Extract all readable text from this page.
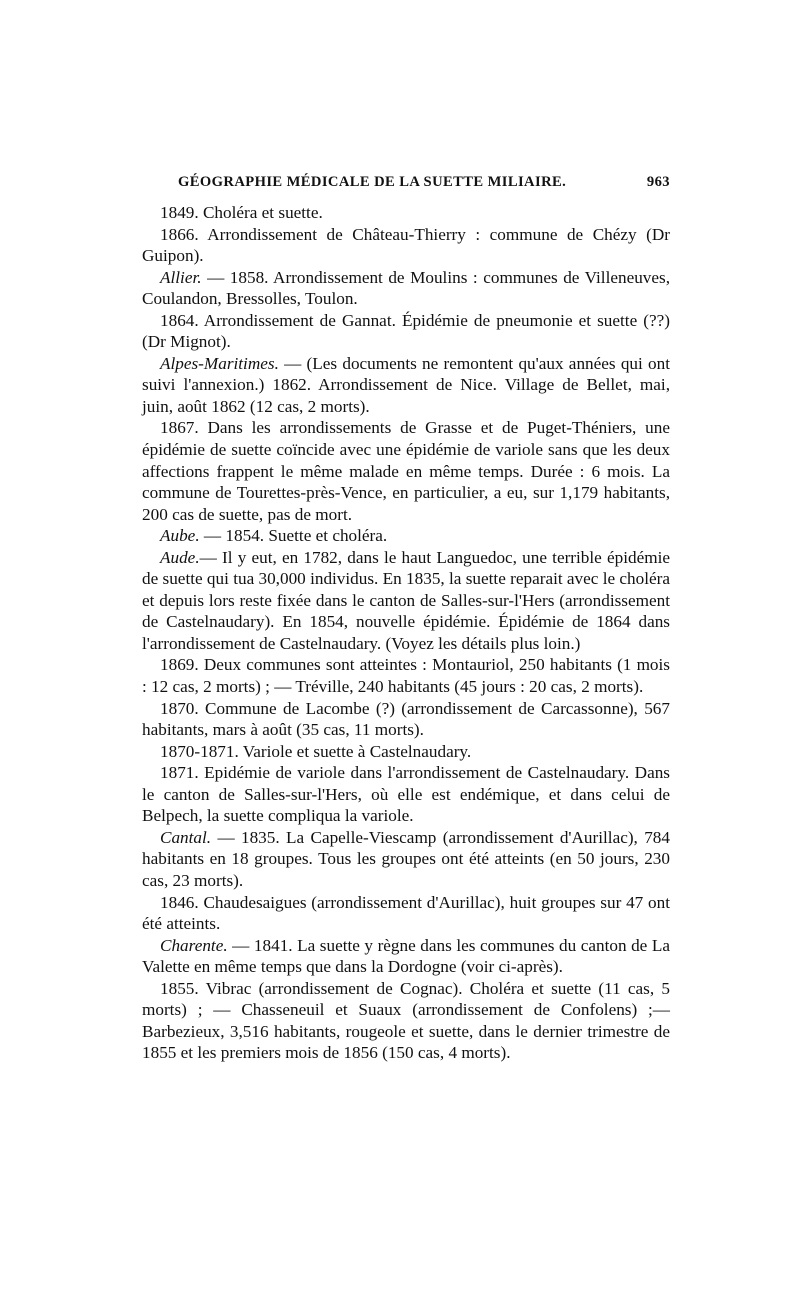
GÉOGRAPHIE MÉDICALE DE LA SUETTE MILIAIRE.	963

1849. Choléra et suette.

1866. Arrondissement de Château-Thierry : commune de Chézy (Dr Guipon).

Allier. — 1858. Arrondissement de Moulins : communes de Villeneuves, Coulandon, Bressolles, Toulon.

1864. Arrondissement de Gannat. Épidémie de pneumonie et suette (??) (Dr Mignot).

Alpes-Maritimes. — (Les documents ne remontent qu'aux années qui ont suivi l'annexion.) 1862. Arrondissement de Nice. Village de Bellet, mai, juin, août 1862 (12 cas, 2 morts).

1867. Dans les arrondissements de Grasse et de Puget-Théniers, une épidémie de suette coïncide avec une épidémie de variole sans que les deux affections frappent le même malade en même temps. Durée : 6 mois. La commune de Tourettes-près-Vence, en particulier, a eu, sur 1,179 habitants, 200 cas de suette, pas de mort.

Aube. — 1854. Suette et choléra.

Aude.— Il y eut, en 1782, dans le haut Languedoc, une terrible épidémie de suette qui tua 30,000 individus. En 1835, la suette reparait avec le choléra et depuis lors reste fixée dans le canton de Salles-sur-l'Hers (arrondissement de Castelnaudary). En 1854, nouvelle épidémie. Épidémie de 1864 dans l'arrondissement de Castelnaudary. (Voyez les détails plus loin.)

1869. Deux communes sont atteintes : Montauriol, 250 habitants (1 mois : 12 cas, 2 morts) ; — Tréville, 240 habitants (45 jours : 20 cas, 2 morts).

1870. Commune de Lacombe (?) (arrondissement de Carcassonne), 567 habitants, mars à août (35 cas, 11 morts).

1870-1871. Variole et suette à Castelnaudary.

1871. Epidémie de variole dans l'arrondissement de Castelnaudary. Dans le canton de Salles-sur-l'Hers, où elle est endémique, et dans celui de Belpech, la suette compliqua la variole.

Cantal. — 1835. La Capelle-Viescamp (arrondissement d'Aurillac), 784 habitants en 18 groupes. Tous les groupes ont été atteints (en 50 jours, 230 cas, 23 morts).

1846. Chaudesaigues (arrondissement d'Aurillac), huit groupes sur 47 ont été atteints.

Charente. — 1841. La suette y règne dans les communes du canton de La Valette en même temps que dans la Dordogne (voir ci-après).

1855. Vibrac (arrondissement de Cognac). Choléra et suette (11 cas, 5 morts) ; — Chasseneuil et Suaux (arrondissement de Confolens) ;—Barbezieux, 3,516 habitants, rougeole et suette, dans le dernier trimestre de 1855 et les premiers mois de 1856 (150 cas, 4 morts).
